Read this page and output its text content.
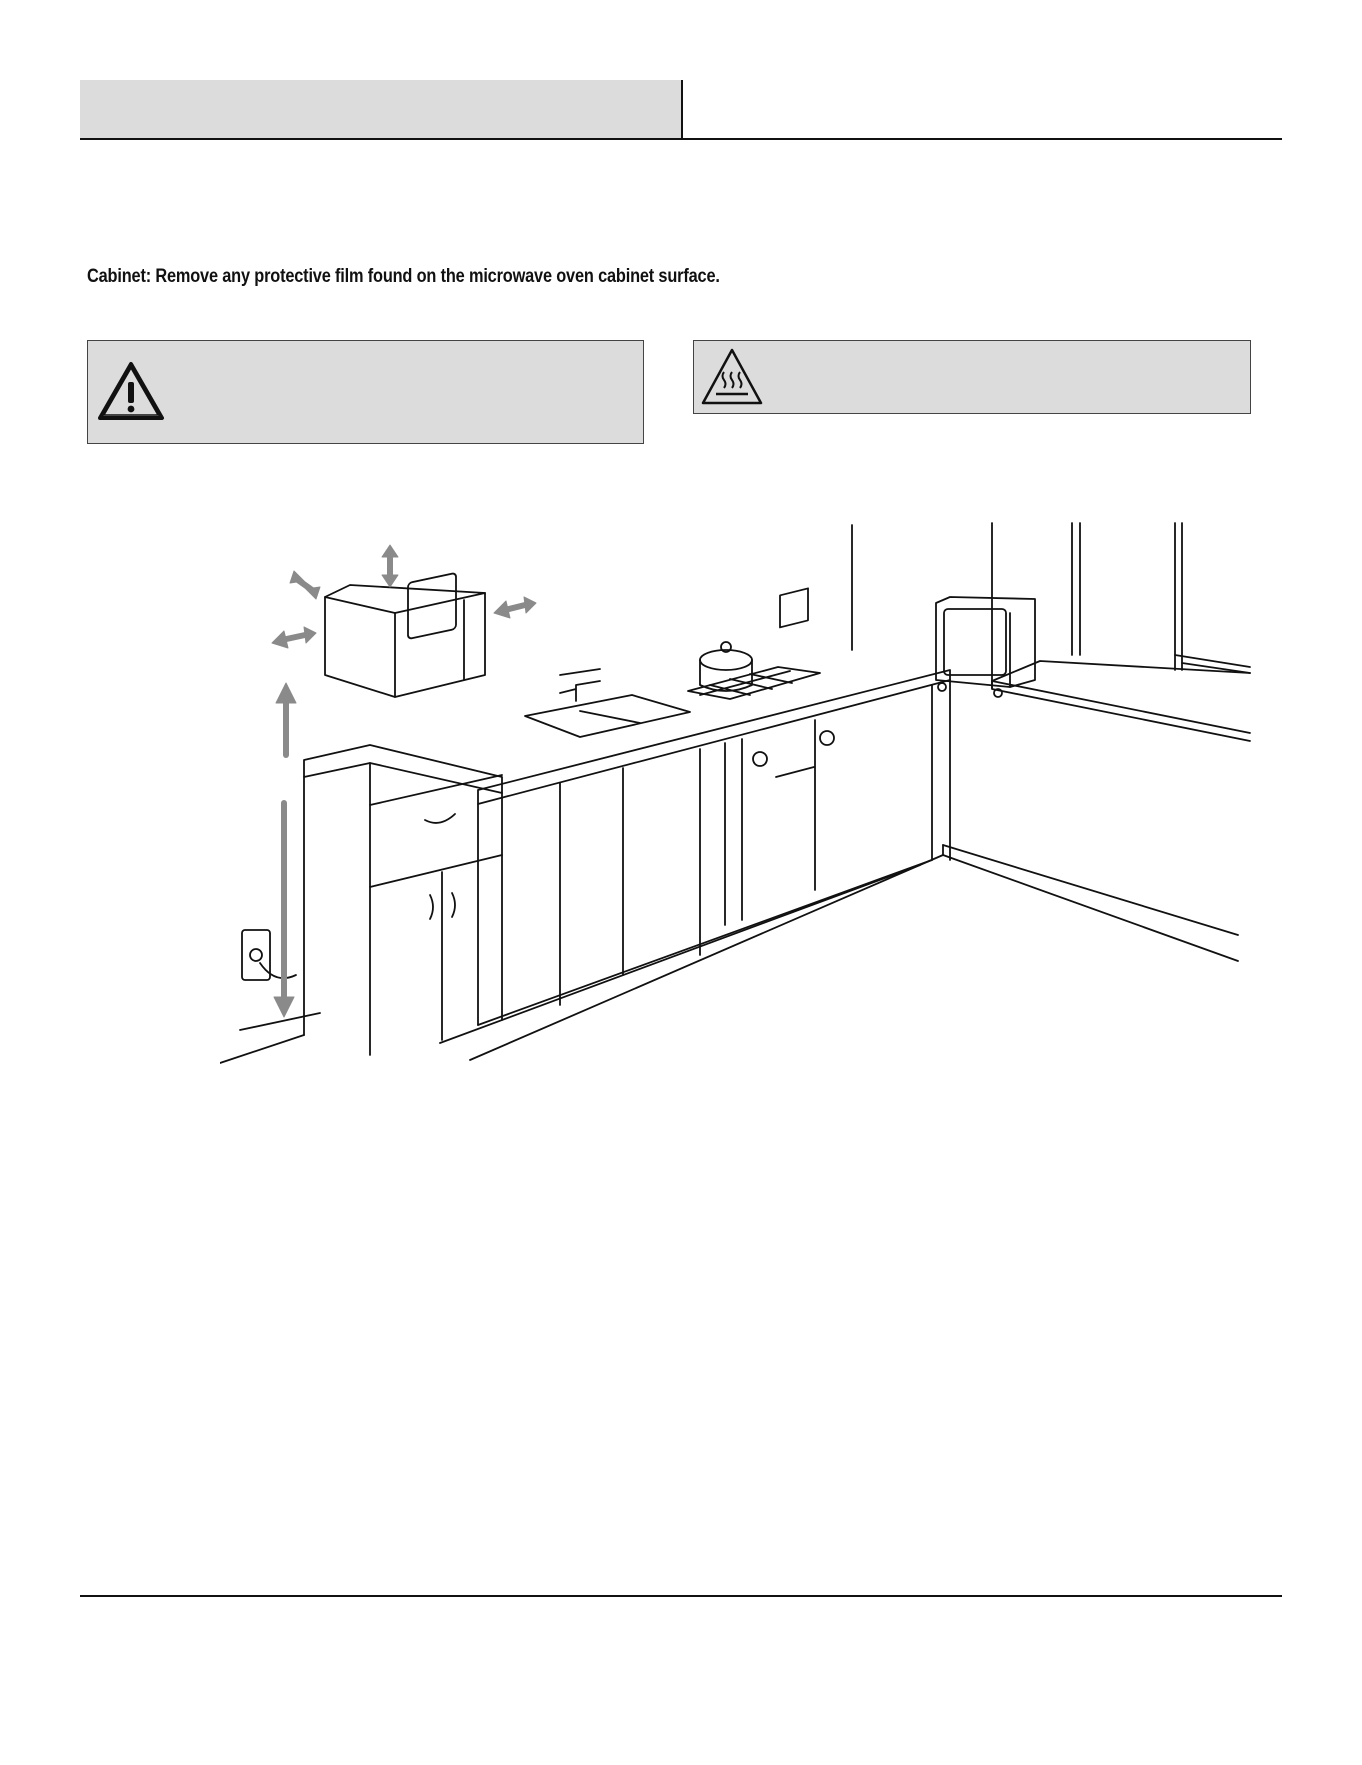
Cabinet: Remove any protective film found on the microwave oven cabinet surface.
